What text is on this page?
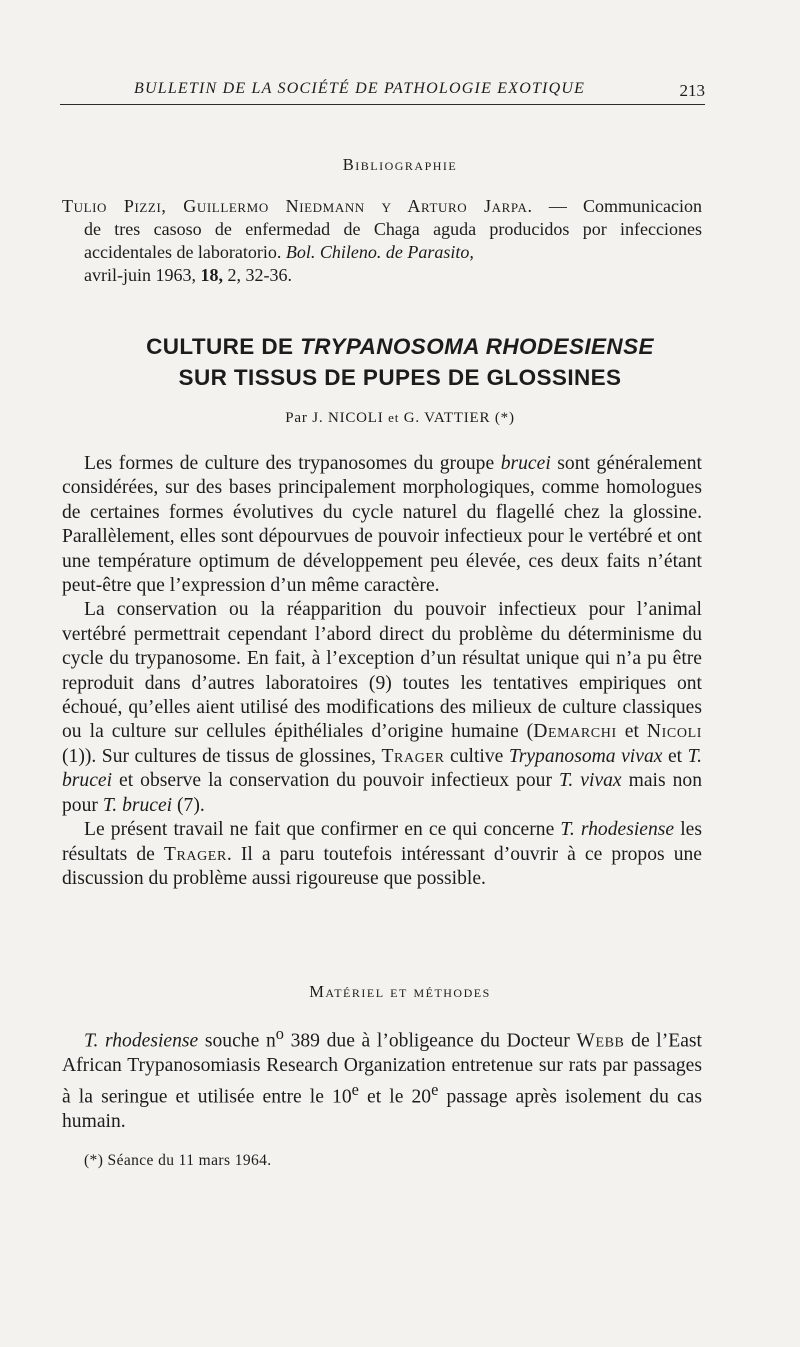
BULLETIN DE LA SOCIÉTÉ DE PATHOLOGIE EXOTIQUE	213
Bibliographie
Tulio Pizzi, Guillermo Niedmann y Arturo Jarpa. — Communicacion
de tres casoso de enfermedad de Chaga aguda producidos por infecciones accidentales de laboratorio. Bol. Chileno. de Parasito,
avril-juin 1963, 18, 2, 32-36.
CULTURE DE TRYPANOSOMA RHODESIENSE
SUR TISSUS DE PUPES DE GLOSSINES
Par J. NICOLI et G. VATTIER (*)

Les formes de culture des trypanosomes du groupe brucei sont généralement considérées, sur des bases principalement morphologiques, comme homologues de certaines formes évolutives du cycle naturel du flagellé chez la glossine. Parallèlement, elles sont dépourvues de pouvoir infectieux pour le vertébré et ont une température optimum de développement peu élevée, ces deux faits n’étant peut-être que l’expression d’un même caractère.

La conservation ou la réapparition du pouvoir infectieux pour l’animal vertébré permettrait cependant l’abord direct du problème du déterminisme du cycle du trypanosome. En fait, à l’exception d’un résultat unique qui n’a pu être reproduit dans d’autres laboratoires (9) toutes les tentatives empiriques ont échoué, qu’elles aient utilisé des modifications des milieux de culture classiques ou la culture sur cellules épithéliales d’origine humaine (Demarchi et Nicoli (1)). Sur cultures de tissus de glossines, Trager cultive Trypanosoma vivax et T. brucei et observe la conservation du pouvoir infectieux pour T. vivax mais non pour T. brucei (7).

Le présent travail ne fait que confirmer en ce qui concerne T. rhodesiense les résultats de Trager. Il a paru toutefois intéressant d’ouvrir à ce propos une discussion du problème aussi rigoureuse que possible.

Matériel et méthodes

T. rhodesiense souche $n^o$ 389 due à l’obligeance du Docteur Webb de l’East African Trypanosomiasis Research Organization entretenue sur rats par passages à la seringue et utilisée entre le 10e et le 20e passage après isolement du cas humain.

(*) Séance du 11 mars 1964.
